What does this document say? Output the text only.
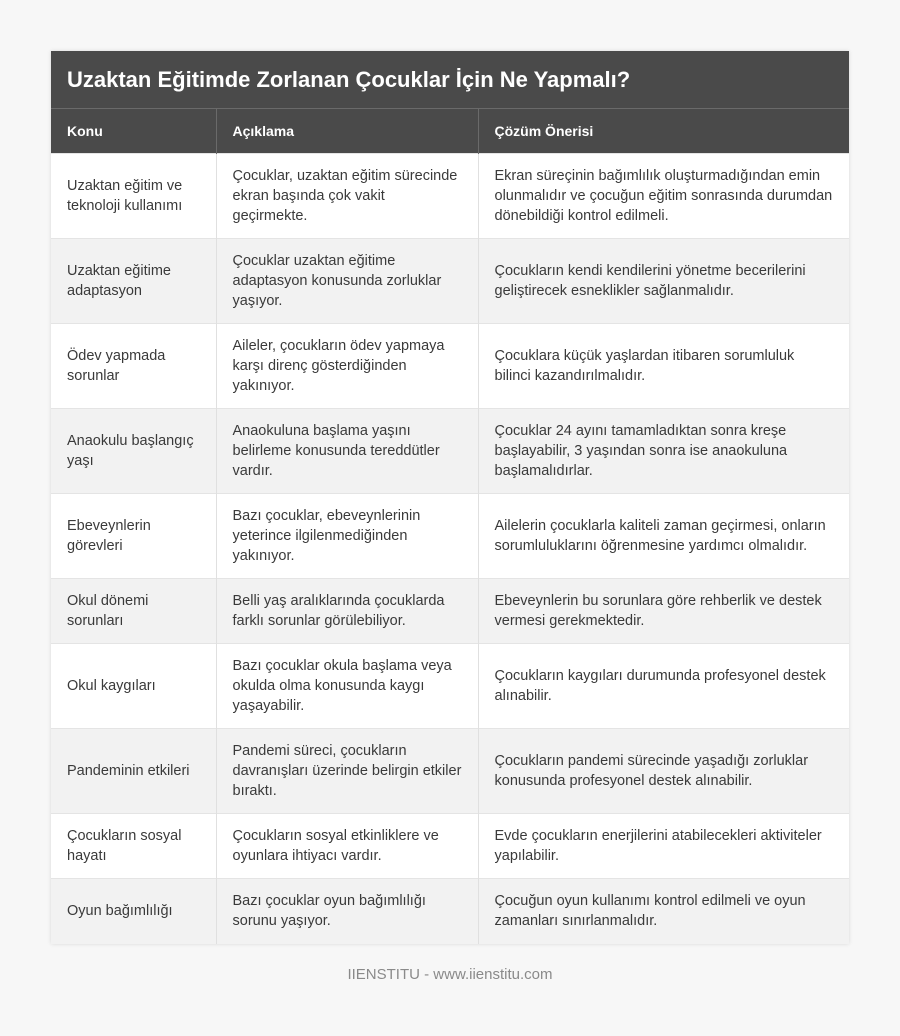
Uzaktan Eğitimde Zorlanan Çocuklar İçin Ne Yapmalı?
Konu	Açıklama	Çözüm Önerisi
Uzaktan eğitim ve teknoloji kullanımı	Çocuklar, uzaktan eğitim sürecinde ekran başında çok vakit geçirmekte.	Ekran süreçinin bağımlılık oluşturmadığından emin olunmalıdır ve çocuğun eğitim sonrasında durumdan dönebildiği kontrol edilmeli.
Uzaktan eğitime adaptasyon	Çocuklar uzaktan eğitime adaptasyon konusunda zorluklar yaşıyor.	Çocukların kendi kendilerini yönetme becerilerini geliştirecek esneklikler sağlanmalıdır.
Ödev yapmada sorunlar	Aileler, çocukların ödev yapmaya karşı direnç gösterdiğinden yakınıyor.	Çocuklara küçük yaşlardan itibaren sorumluluk bilinci kazandırılmalıdır.
Anaokulu başlangıç yaşı	Anaokuluna başlama yaşını belirleme konusunda tereddütler vardır.	Çocuklar 24 ayını tamamladıktan sonra kreşe başlayabilir, 3 yaşından sonra ise anaokuluna başlamalıdırlar.
Ebeveynlerin görevleri	Bazı çocuklar, ebeveynlerinin yeterince ilgilenmediğinden yakınıyor.	Ailelerin çocuklarla kaliteli zaman geçirmesi, onların sorumluluklarını öğrenmesine yardımcı olmalıdır.
Okul dönemi sorunları	Belli yaş aralıklarında çocuklarda farklı sorunlar görülebiliyor.	Ebeveynlerin bu sorunlara göre rehberlik ve destek vermesi gerekmektedir.
Okul kaygıları	Bazı çocuklar okula başlama veya okulda olma konusunda kaygı yaşayabilir.	Çocukların kaygıları durumunda profesyonel destek alınabilir.
Pandeminin etkileri	Pandemi süreci, çocukların davranışları üzerinde belirgin etkiler bıraktı.	Çocukların pandemi sürecinde yaşadığı zorluklar konusunda profesyonel destek alınabilir.
Çocukların sosyal hayatı	Çocukların sosyal etkinliklere ve oyunlara ihtiyacı vardır.	Evde çocukların enerjilerini atabilecekleri aktiviteler yapılabilir.
Oyun bağımlılığı	Bazı çocuklar oyun bağımlılığı sorunu yaşıyor.	Çocuğun oyun kullanımı kontrol edilmeli ve oyun zamanları sınırlanmalıdır.
IIENSTITU - www.iienstitu.com
